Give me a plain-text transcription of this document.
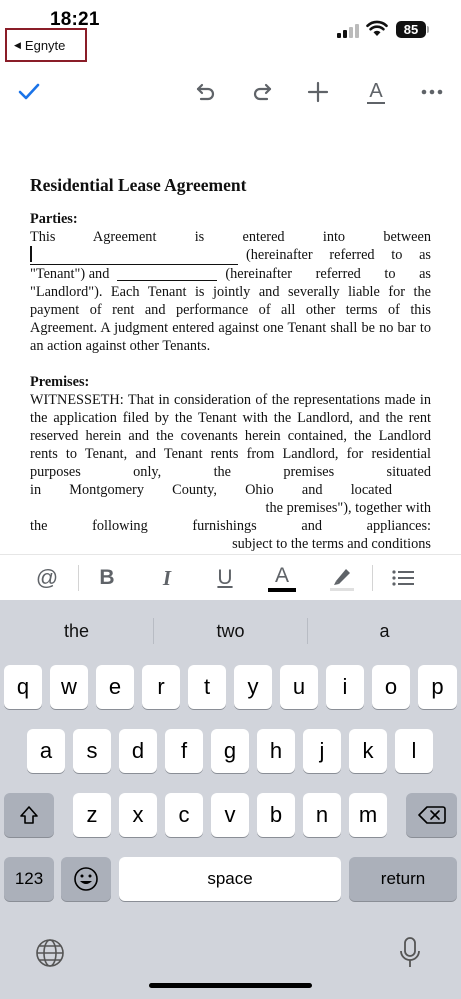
18:21	85
◀ Egnyte
A
Residential Lease Agreement
Parties:
This Agreement is entered into between
(hereinafter referred to as
"Tenant") and	(hereinafter referred to as
"Landlord"). Each Tenant is jointly and severally liable for the payment of rent and performance of all other terms of this Agreement. A judgment entered against one Tenant shall be no bar to an action against other Tenants.
Premises:
WITNESSETH: That in consideration of the representations made in the application filed by the Tenant with the Landlord, and the rent reserved herein and the covenants herein contained, the Landlord rents to Tenant, and Tenant rents from Landlord, for residential purposes only, the premises situated
in Montgomery County, Ohio and located
the premises"), together with
the following furnishings and appliances:
subject to the terms and conditions
@ B I U A
the	two	a
q	w	e	r	t	y	u	i	o	p
a	s	d	f	g	h	j	k	l
z	x	c	v	b	n	m
123	space	return
